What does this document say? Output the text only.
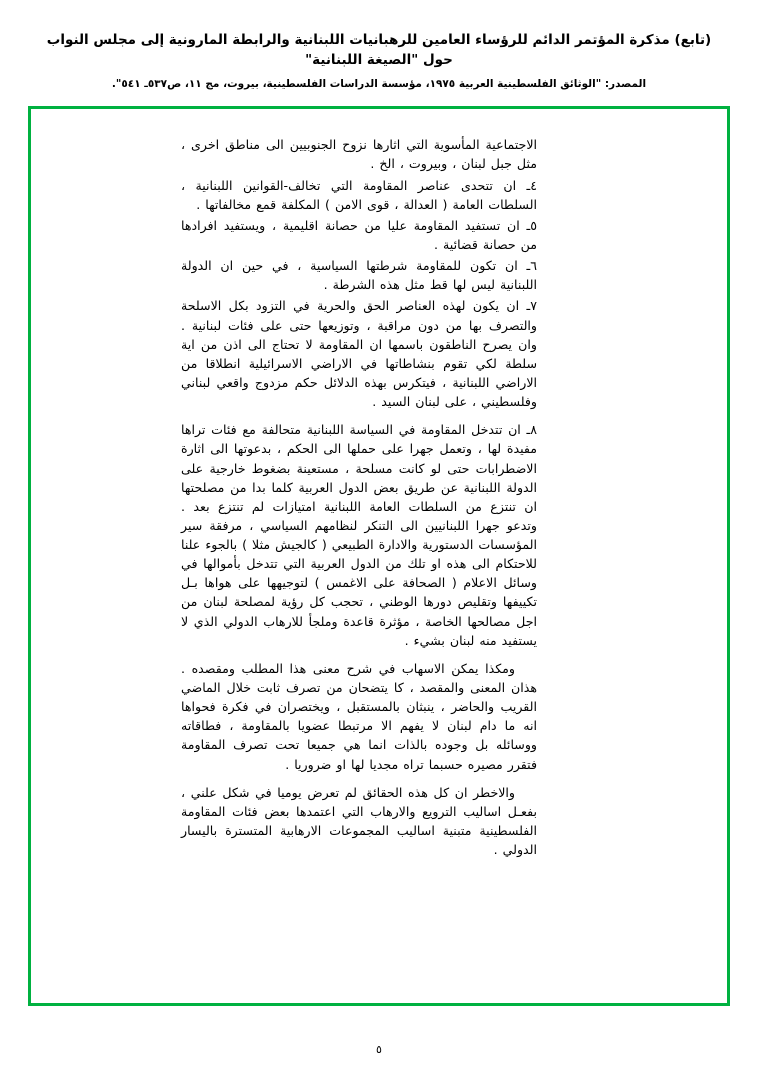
(تابع) مذكرة المؤتمر الدائم للرؤساء العامين للرهبانيات اللبنانية والرابطة المارونية إلى مجلس النواب حول "الصيغة اللبنانية"
المصدر: "الوثائق الفلسطينية العربية ١٩٧٥، مؤسسة الدراسات الفلسطينية، بيروت، مج ١١، ص٥٣٧ـ ٥٤١".

الاجتماعية المأسوية التي اثارها نزوح الجنوبيين الى مناطق اخرى ، مثل جبل لبنان ، وبيروت ، الخ .

٤ـ ان تتحدى عناصر المقاومة التي تخالف-القوانين اللبنانية ، السلطات العامة ( العدالة ، قوى الامن ) المكلفة قمع مخالفاتها .

٥ـ ان تستفيد المقاومة عليا من حصانة اقليمية ، ويستفيد افرادها من حصانة قضائية .

٦ـ ان تكون للمقاومة شرطتها السياسية ، في حين ان الدولة اللبنانية ليس لها قط مثل هذه الشرطة .

٧ـ ان يكون لهذه العناصر الحق والحرية في التزود بكل الاسلحة والتصرف بها من دون مراقبة ، وتوزيعها حتى على فئات لبنانية . وان يصرح الناطقون باسمها ان المقاومة لا تحتاج الى اذن من اية سلطة لكي تقوم بنشاطاتها في الاراضي الاسرائيلية انطلاقا من الاراضي اللبنانية ، فيتكرس بهذه الدلائل حكم مزدوج واقعي لبناني وفلسطيني ، على لبنان السيد .

٨ـ ان تتدخل المقاومة في السياسة اللبنانية متحالفة مع فئات تراها مفيدة لها ، وتعمل جهرا على حملها الى الحكم ، بدعوتها الى اثارة الاضطرابات حتى لو كانت مسلحة ، مستعينة بضغوط خارجية على الدولة اللبنانية عن طريق بعض الدول العربية كلما بدا من مصلحتها ان تنتزع من السلطات العامة اللبنانية امتيازات لم تنتزع بعد . وتدعو جهرا اللبنانيين الى التنكر لنظامهم السياسي ، مرفقة سير المؤسسات الدستورية والادارة الطبيعي ( كالجيش مثلا ) بالجوء علنا للاحتكام الى هذه او تلك من الدول العربية التي تتدخل بأموالها في وسائل الاعلام ( الصحافة على الاغمس ) لتوجيهها على هواها بـل تكييفها وتقليص دورها الوطني ، تحجب كل رؤية لمصلحة لبنان من اجل مصالحها الخاصة ، مؤثرة قاعدة وملجأ للارهاب الدولي الذي لا يستفيد منه لبنان بشيء .

ومكذا يمكن الاسهاب في شرح معنى هذا المطلب ومقصده . هذان المعنى والمقصد ، كا يتضحان من تصرف ثابت خلال الماضي القريب والحاضر ، ينبثان بالمستقبل ، ويختصران في فكرة فحواها انه ما دام لبنان لا يفهم الا مرتبطا عضويا بالمقاومة ، فطاقاته ووسائله بل وجوده بالذات انما هي جميعا تحت تصرف المقاومة فتقرر مصيره حسبما تراه مجديا لها او ضروريا .

والاخطر ان كل هذه الحقائق لم تعرض يوميا في شكل علني ، بفعـل اساليب الترويع والارهاب التي اعتمدها بعض فئات المقاومة الفلسطينية متبنية اساليب المجموعات الارهابية المتسترة باليسار الدولي .

٥
